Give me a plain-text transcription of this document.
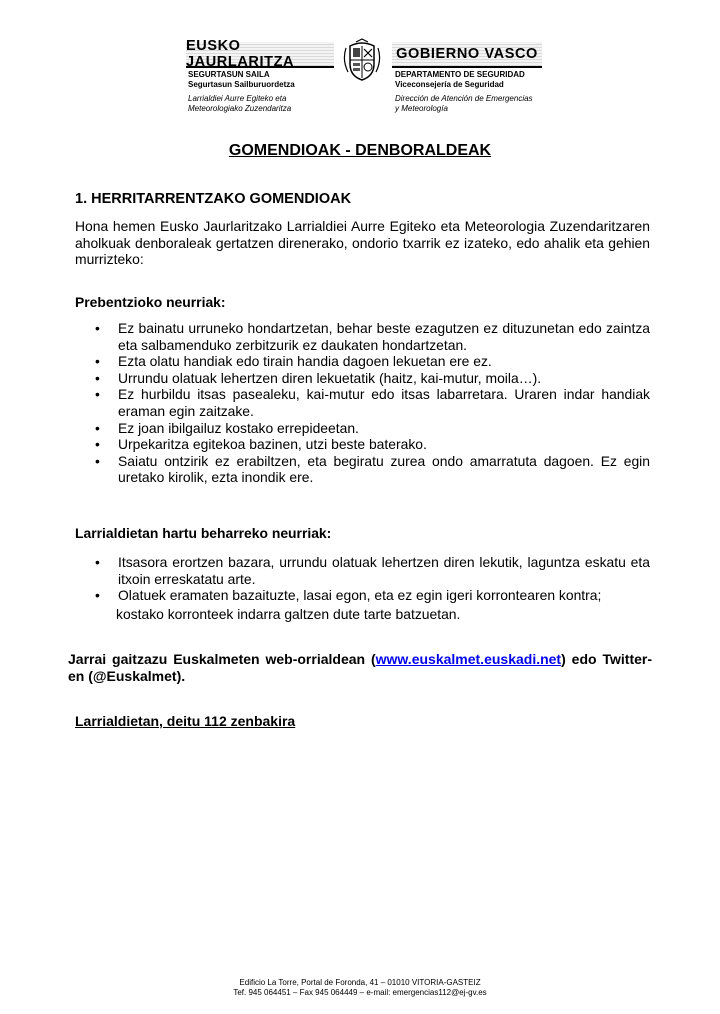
EUSKO JAURLARITZA	GOBIERNO VASCO
SEGURTASUN SAILA
Segurtasun Sailburuordetza
Larrialdiei Aurre Egiteko eta
Meteorologiako Zuzendaritza
DEPARTAMENTO DE SEGURIDAD
Viceconsejería de Seguridad
Dirección de Atención de Emergencias
y Meteorología
GOMENDIOAK - DENBORALDEAK
1. HERRITARRENTZAKO GOMENDIOAK
Hona hemen Eusko Jaurlaritzako Larrialdiei Aurre Egiteko eta Meteorologia Zuzendaritzaren aholkuak denboraleak gertatzen direnerako, ondorio txarrik ez izateko, edo ahalik eta gehien murrizteko:
Prebentzioko neurriak:
• Ez bainatu urruneko hondartzetan, behar beste ezagutzen ez dituzunetan edo zaintza eta salbamenduko zerbitzurik ez daukaten hondartzetan.
• Ezta olatu handiak edo tirain handia dagoen lekuetan ere ez.
• Urrundu olatuak lehertzen diren lekuetatik (haitz, kai-mutur, moila…).
• Ez hurbildu itsas pasealeku, kai-mutur edo itsas labarretara. Uraren indar handiak eraman egin zaitzake.
• Ez joan ibilgailuz kostako errepideetan.
• Urpekaritza egitekoa bazinen, utzi beste baterako.
• Saiatu ontzirik ez erabiltzen, eta begiratu zurea ondo amarratuta dagoen. Ez egin uretako kirolik, ezta inondik ere.
Larrialdietan hartu beharreko neurriak:
• Itsasora erortzen bazara, urrundu olatuak lehertzen diren lekutik, laguntza eskatu eta itxoin erreskatatu arte.
• Olatuek eramaten bazaituzte, lasai egon, eta ez egin igeri korrontearen kontra;
kostako korronteek indarra galtzen dute tarte batzuetan.
Jarrai gaitzazu Euskalmeten web-orrialdean (www.euskalmet.euskadi.net) edo Twitter-en (@Euskalmet).
Larrialdietan, deitu 112 zenbakira
Edificio La Torre, Portal de Foronda, 41 – 01010 VITORIA-GASTEIZ
Tef. 945 064451 – Fax 945 064449 – e-mail: emergencias112@ej-gv.es
